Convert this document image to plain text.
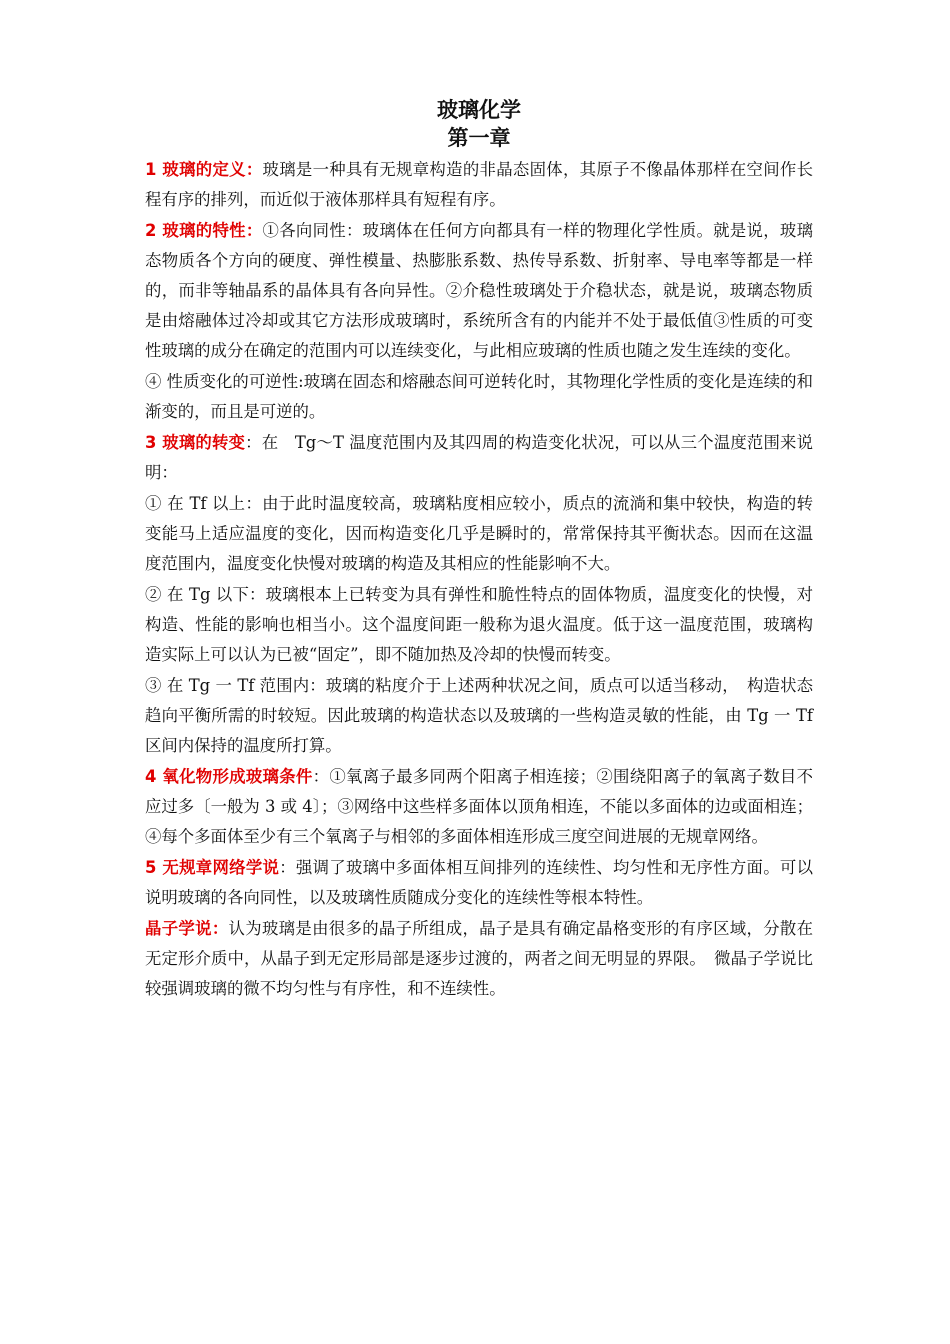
玻璃化学

第一章

1 玻璃的定义：玻璃是一种具有无规章构造的非晶态固体，其原子不像晶体那样在空间作长程有序的排列，而近似于液体那样具有短程有序。

2 玻璃的特性：①各向同性：玻璃体在任何方向都具有一样的物理化学性质。就是说，玻璃态物质各个方向的硬度、弹性模量、热膨胀系数、热传导系数、折射率、导电率等都是一样的，而非等轴晶系的晶体具有各向异性。②介稳性玻璃处于介稳状态，就是说，玻璃态物质是由熔融体过冷却或其它方法形成玻璃时，系统所含有的内能并不处于最低值③性质的可变性玻璃的成分在确定的范围内可以连续变化，与此相应玻璃的性质也随之发生连续的变化。

④ 性质变化的可逆性:玻璃在固态和熔融态间可逆转化时，其物理化学性质的变化是连续的和渐变的，而且是可逆的。

3 玻璃的转变：在　Tg～T 温度范围内及其四周的构造变化状况，可以从三个温度范围来说明：

① 在 Tf 以上：由于此时温度较高，玻璃粘度相应较小，质点的流淌和集中较快，构造的转变能马上适应温度的变化，因而构造变化几乎是瞬时的，常常保持其平衡状态。因而在这温度范围内，温度变化快慢对玻璃的构造及其相应的性能影响不大。

② 在 Tg 以下：玻璃根本上已转变为具有弹性和脆性特点的固体物质，温度变化的快慢，对构造、性能的影响也相当小。这个温度间距一般称为退火温度。低于这一温度范围，玻璃构造实际上可以认为已被“固定”，即不随加热及冷却的快慢而转变。

③ 在 Tg 一 Tf 范围内：玻璃的粘度介于上述两种状况之间，质点可以适当移动，　构造状态趋向平衡所需的时较短。因此玻璃的构造状态以及玻璃的一些构造灵敏的性能，由 Tg 一 Tf 区间内保持的温度所打算。

4 氧化物形成玻璃条件：①氧离子最多同两个阳离子相连接；②围绕阳离子的氧离子数目不应过多〔一般为 3 或 4〕；③网络中这些样多面体以顶角相连，不能以多面体的边或面相连；④每个多面体至少有三个氧离子与相邻的多面体相连形成三度空间进展的无规章网络。

5 无规章网络学说：强调了玻璃中多面体相互间排列的连续性、均匀性和无序性方面。可以说明玻璃的各向同性，以及玻璃性质随成分变化的连续性等根本特性。

晶子学说：认为玻璃是由很多的晶子所组成，晶子是具有确定晶格变形的有序区域，分散在无定形介质中，从晶子到无定形局部是逐步过渡的，两者之间无明显的界限。　微晶子学说比较强调玻璃的微不均匀性与有序性，和不连续性。
